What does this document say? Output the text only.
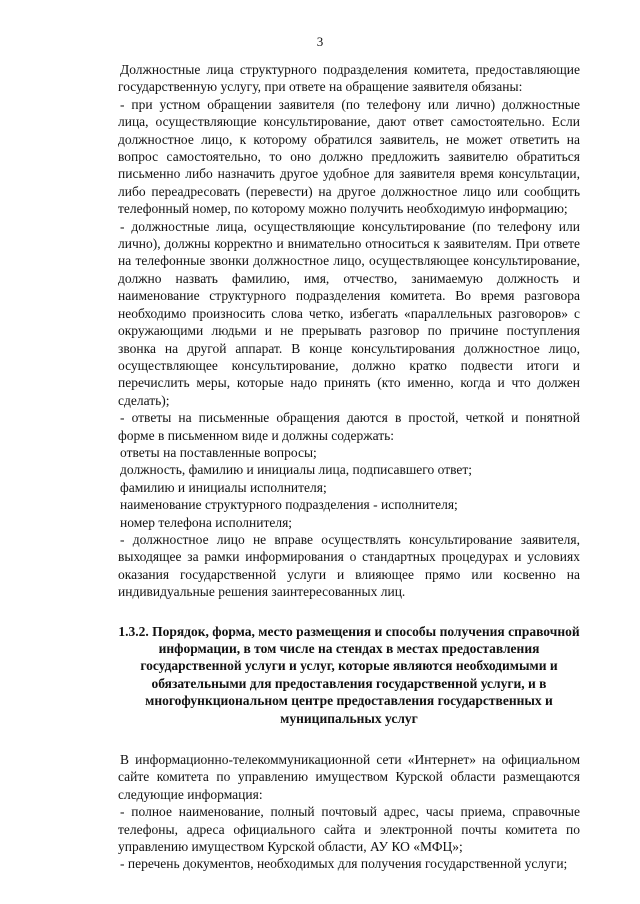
3

Должностные лица структурного подразделения комитета, предоставляющие государственную услугу, при ответе на обращение заявителя обязаны:

- при устном обращении заявителя (по телефону или лично) должностные лица, осуществляющие консультирование, дают ответ самостоятельно. Если должностное лицо, к которому обратился заявитель, не может ответить на вопрос самостоятельно, то оно должно предложить заявителю обратиться письменно либо назначить другое удобное для заявителя время консультации, либо переадресовать (перевести) на другое должностное лицо или сообщить телефонный номер, по которому можно получить необходимую информацию;

- должностные лица, осуществляющие консультирование (по телефону или лично), должны корректно и внимательно относиться к заявителям. При ответе на телефонные звонки должностное лицо, осуществляющее консультирование, должно назвать фамилию, имя, отчество, занимаемую должность и наименование структурного подразделения комитета. Во время разговора необходимо произносить слова четко, избегать «параллельных разговоров» с окружающими людьми и не прерывать разговор по причине поступления звонка на другой аппарат. В конце консультирования должностное лицо, осуществляющее консультирование, должно кратко подвести итоги и перечислить меры, которые надо принять (кто именно, когда и что должен сделать);

- ответы на письменные обращения даются в простой, четкой и понятной форме в письменном виде и должны содержать:

ответы на поставленные вопросы;

должность, фамилию и инициалы лица, подписавшего ответ;

фамилию и инициалы исполнителя;

наименование структурного подразделения - исполнителя;

номер телефона исполнителя;

- должностное лицо не вправе осуществлять консультирование заявителя, выходящее за рамки информирования о стандартных процедурах и условиях оказания государственной услуги и влияющее прямо или косвенно на индивидуальные решения заинтересованных лиц.

1.3.2. Порядок, форма, место размещения и способы получения справочной информации, в том числе на стендах в местах предоставления государственной услуги и услуг, которые являются необходимыми и обязательными для предоставления государственной услуги, и в многофункциональном центре предоставления государственных и муниципальных услуг

В информационно-телекоммуникационной сети «Интернет» на официальном сайте комитета по управлению имуществом Курской области размещаются следующие информация:

- полное наименование, полный почтовый адрес, часы приема, справочные телефоны, адреса официального сайта и электронной почты комитета по управлению имуществом Курской области, АУ КО «МФЦ»;

- перечень документов, необходимых для получения государственной услуги;
